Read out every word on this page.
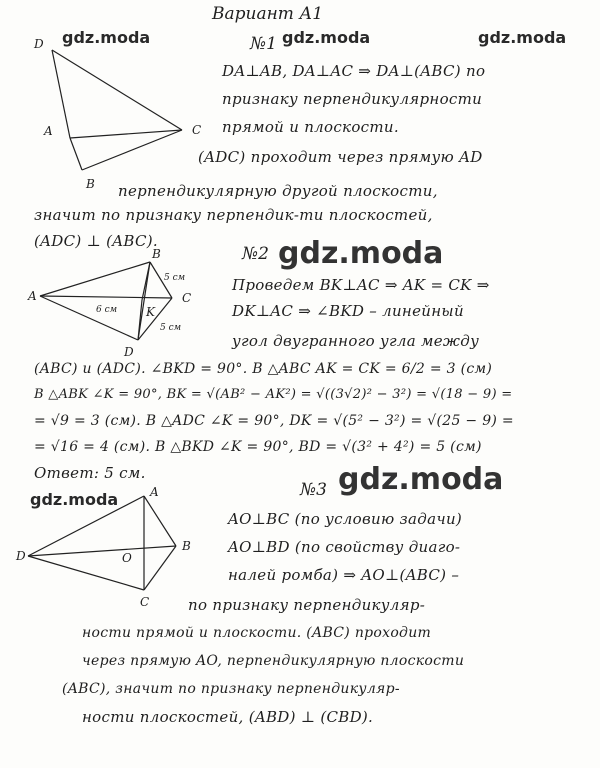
Вариант А1
gdz.moda	gdz.moda	gdz.moda
gdz.moda
gdz.moda
gdz.moda
D
A	C
B
№1
DA⊥AB, DA⊥AC ⇒ DA⊥(ABC) по
признаку перпендикулярности
прямой и плоскости.
(ADC) проходит через прямую AD
перпендикулярную другой плоскости,
значит по признаку перпендик-ти плоскостей,
(ADC) ⊥ (ABC).
A
B
C
D
K
6 см
5 см
5 см
№2
Проведем BK⊥AC ⇒ AK = CK ⇒
DK⊥AC ⇒ ∠BKD – линейный
угол двугранного угла между
(ABC) и (ADC). ∠BKD = 90°. В △ABC AK = CK = 6/2 = 3 (см)
В △ABK ∠K = 90°, BK = √(AB² − AK²) = √((3√2)² − 3²) = √(18 − 9) =
= √9 = 3 (см). В △ADC ∠K = 90°, DK = √(5² − 3²) = √(25 − 9) =
= √16 = 4 (см). В △BKD ∠K = 90°, BD = √(3² + 4²) = 5 (см)
Ответ: 5 см.
A
B
C
D	O
№3
AO⊥BC (по условию задачи)
AO⊥BD (по свойству диаго-
налей ромба) ⇒ AO⊥(ABC) –
по признаку перпендикуляр-
ности прямой и плоскости. (ABC) проходит
через прямую AO, перпендикулярную плоскости
(ABC), значит по признаку перпендикуляр-
ности плоскостей, (ABD) ⊥ (CBD).
